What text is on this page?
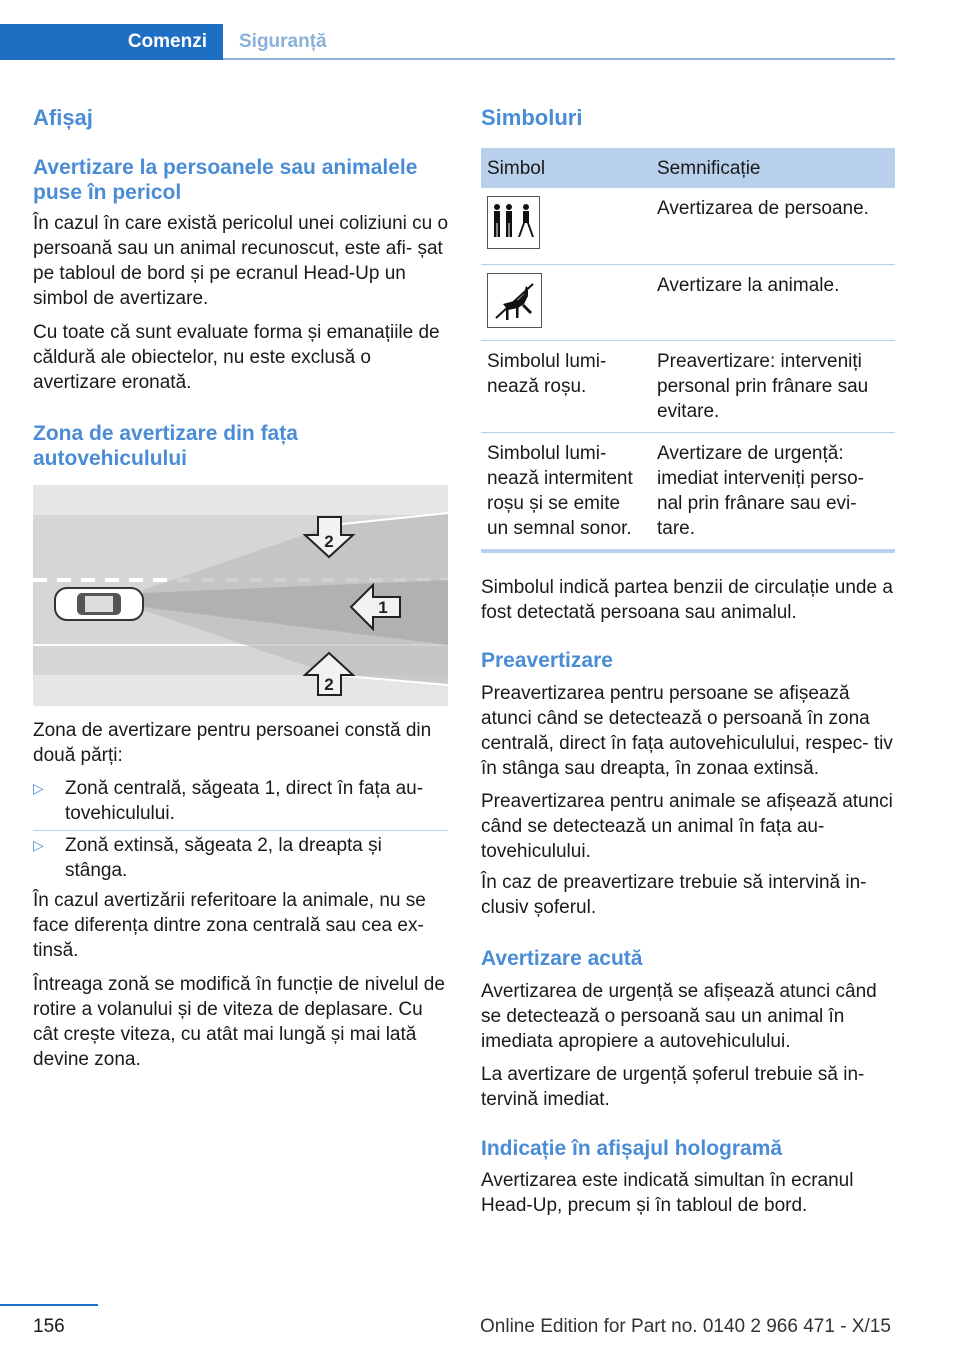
Comenzi	Siguranță
Afișaj
Avertizare la persoanele sau animalele puse în pericol

În cazul în care există pericolul unei coliziuni cu o persoană sau un animal recunoscut, este afi- șat pe tabloul de bord și pe ecranul Head-Up un simbol de avertizare.

Cu toate că sunt evaluate forma și emanațiile de căldură ale obiectelor, nu este exclusă o avertizare eronată.

Zona de avertizare din fața autovehiculului
2
1
2

Zona de avertizare pentru persoanei constă din două părți:

▷ Zonă centrală, săgeata 1, direct în fața au- tovehiculului.
▷ Zonă extinsă, săgeata 2, la dreapta și stânga.

În cazul avertizării referitoare la animale, nu se face diferența dintre zona centrală sau cea ex- tinsă.

Întreaga zonă se modifică în funcție de nivelul de rotire a volanului și de viteza de deplasare. Cu cât crește viteza, cu atât mai lungă și mai lată devine zona.

Simboluri
Simbol	Semnificație

	Avertizarea de persoane.

	Avertizare la animale.
Simbolul lumi- nează roșu.	Preavertizare: interveniți personal prin frânare sau evitare.
Simbolul lumi- nează intermitent roșu și se emite un semnal sonor.	Avertizare de urgență: imediat interveniți perso- nal prin frânare sau evi- tare.

Simbolul indică partea benzii de circulație unde a fost detectată persoana sau animalul.

Preavertizare

Preavertizarea pentru persoane se afișează atunci când se detectează o persoană în zona centrală, direct în fața autovehiculului, respec- tiv în stânga sau dreapta, în zonaa extinsă.

Preavertizarea pentru animale se afișează atunci când se detectează un animal în fața au- tovehiculului.

În caz de preavertizare trebuie să intervină in- clusiv șoferul.

Avertizare acută

Avertizarea de urgență se afișează atunci când se detectează o persoană sau un animal în imediata apropiere a autovehiculului.

La avertizare de urgență șoferul trebuie să in- tervină imediat.

Indicație în afișajul hologramă

Avertizarea este indicată simultan în ecranul Head-Up, precum și în tabloul de bord.

156	Online Edition for Part no. 0140 2 966 471 - X/15
